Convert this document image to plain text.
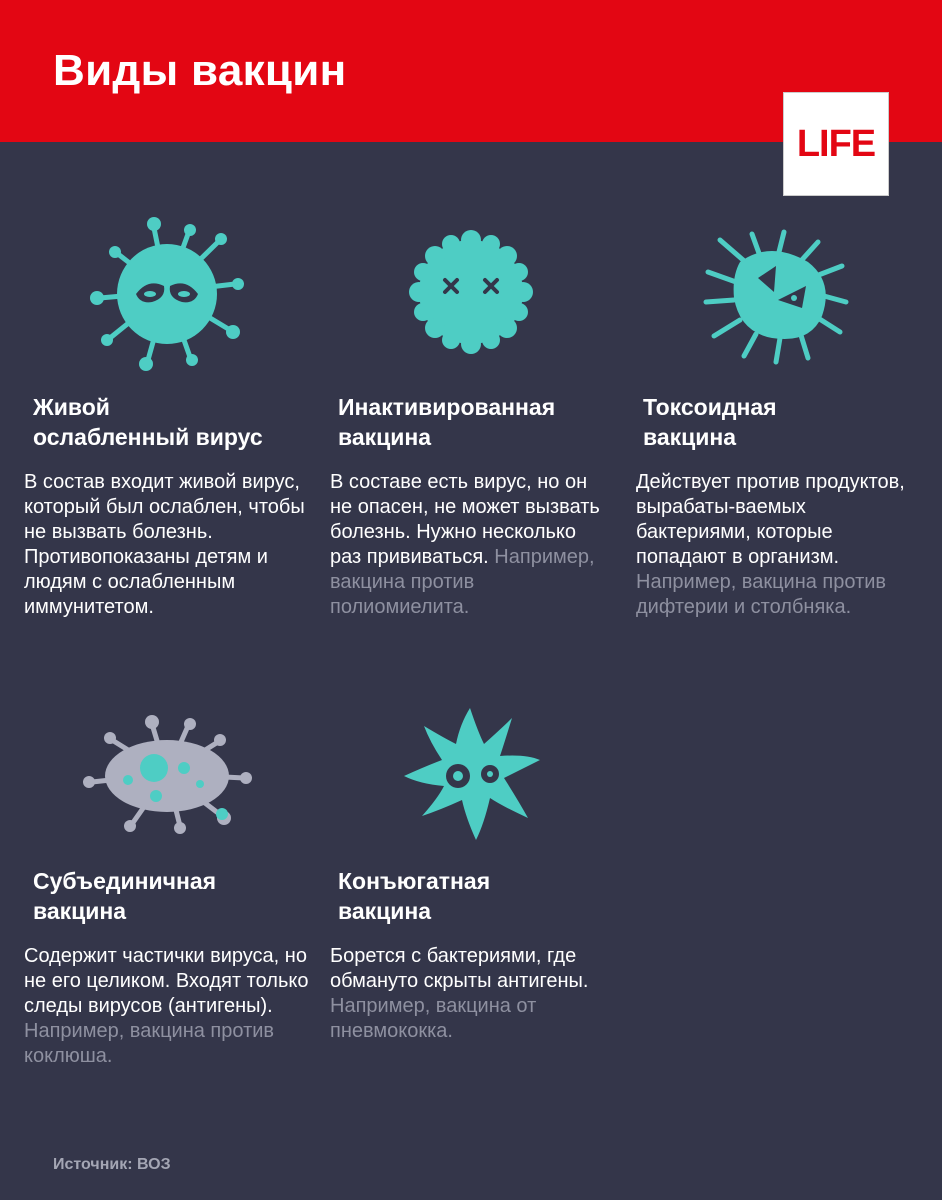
Виды вакцин
LIFE
Живой
ослабленный вирус

В состав входит живой вирус, который был ослаблен, чтобы не вызвать болезнь. Противопоказаны детям и людям с ослабленным иммунитетом.

Инактивированная
вакцина

В составе есть вирус, но он не опасен, не может вызвать болезнь. Нужно несколько раз прививаться. Например, вакцина против полиомиелита.

Токсоидная
вакцина

Действует против продуктов, вырабаты-ваемых бактериями, которые попадают в организм. Например, вакцина против дифтерии и столбняка.

Субъединичная
вакцина

Содержит частички вируса, но не его целиком. Входят только следы вирусов (антигены). Например, вакцина против коклюша.

Конъюгатная
вакцина

Борется с бактериями, где обмануто скрыты антигены. Например, вакцина от пневмококка.

Источник: ВОЗ
